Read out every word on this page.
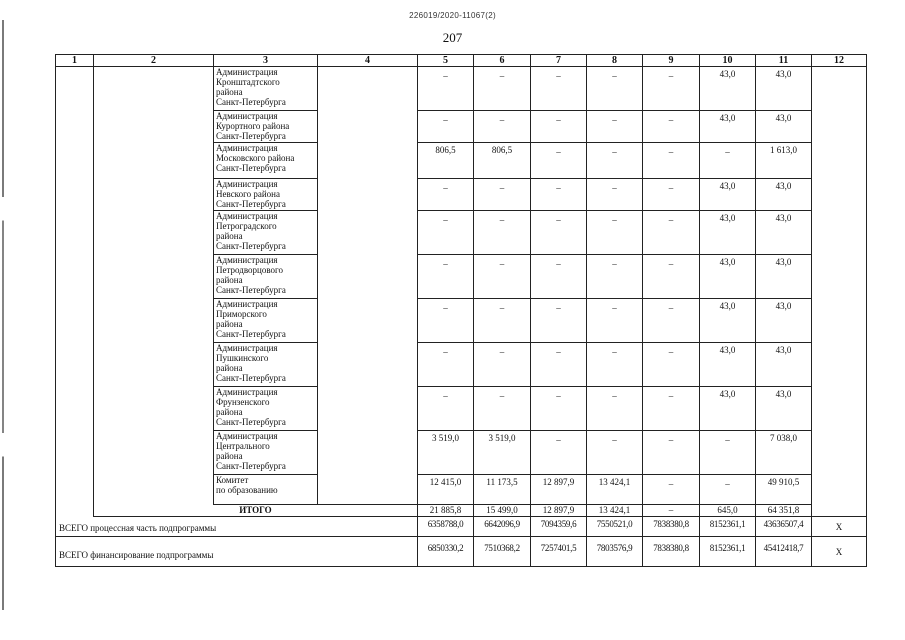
226019/2020-11067(2)
207
1	2	3	4	5	6	7	8	9	10	11	12

		Администрация
Кронштадтского
района
Санкт-Петербурга		–	–	–	–	–	43,0	43,0	

		Администрация
Курортного района
Санкт-Петербурга		–	–	–	–	–	43,0	43,0	

		Администрация
Московского района
Санкт-Петербурга		806,5	806,5	–	–	–	–	1 613,0	

		Администрация
Невского района
Санкт-Петербурга		–	–	–	–	–	43,0	43,0	

		Администрация
Петроградского
района
Санкт-Петербурга		–	–	–	–	–	43,0	43,0	

		Администрация
Петродворцового
района
Санкт-Петербурга		–	–	–	–	–	43,0	43,0	

		Администрация
Приморского
района
Санкт-Петербурга		–	–	–	–	–	43,0	43,0	

		Администрация
Пушкинского
района
Санкт-Петербурга		–	–	–	–	–	43,0	43,0	

		Администрация
Фрунзенского
района
Санкт-Петербурга		–	–	–	–	–	43,0	43,0	

		Администрация
Центрального
района
Санкт-Петербурга		3 519,0	3 519,0	–	–	–	–	7 038,0	

		Комитет
по образованию		12 415,0	11 173,5	12 897,9	13 424,1	–	–	49 910,5	

	ИТОГО			21 885,8	15 499,0	12 897,9	13 424,1	–	645,0	64 351,8	

ВСЕГО процессная часть подпрограммы				6358788,0	6642096,9	7094359,6	7550521,0	7838380,8	8152361,1	43636507,4	X
ВСЕГО финансирование подпрограммы				6850330,2	7510368,2	7257401,5	7803576,9	7838380,8	8152361,1	45412418,7	X
